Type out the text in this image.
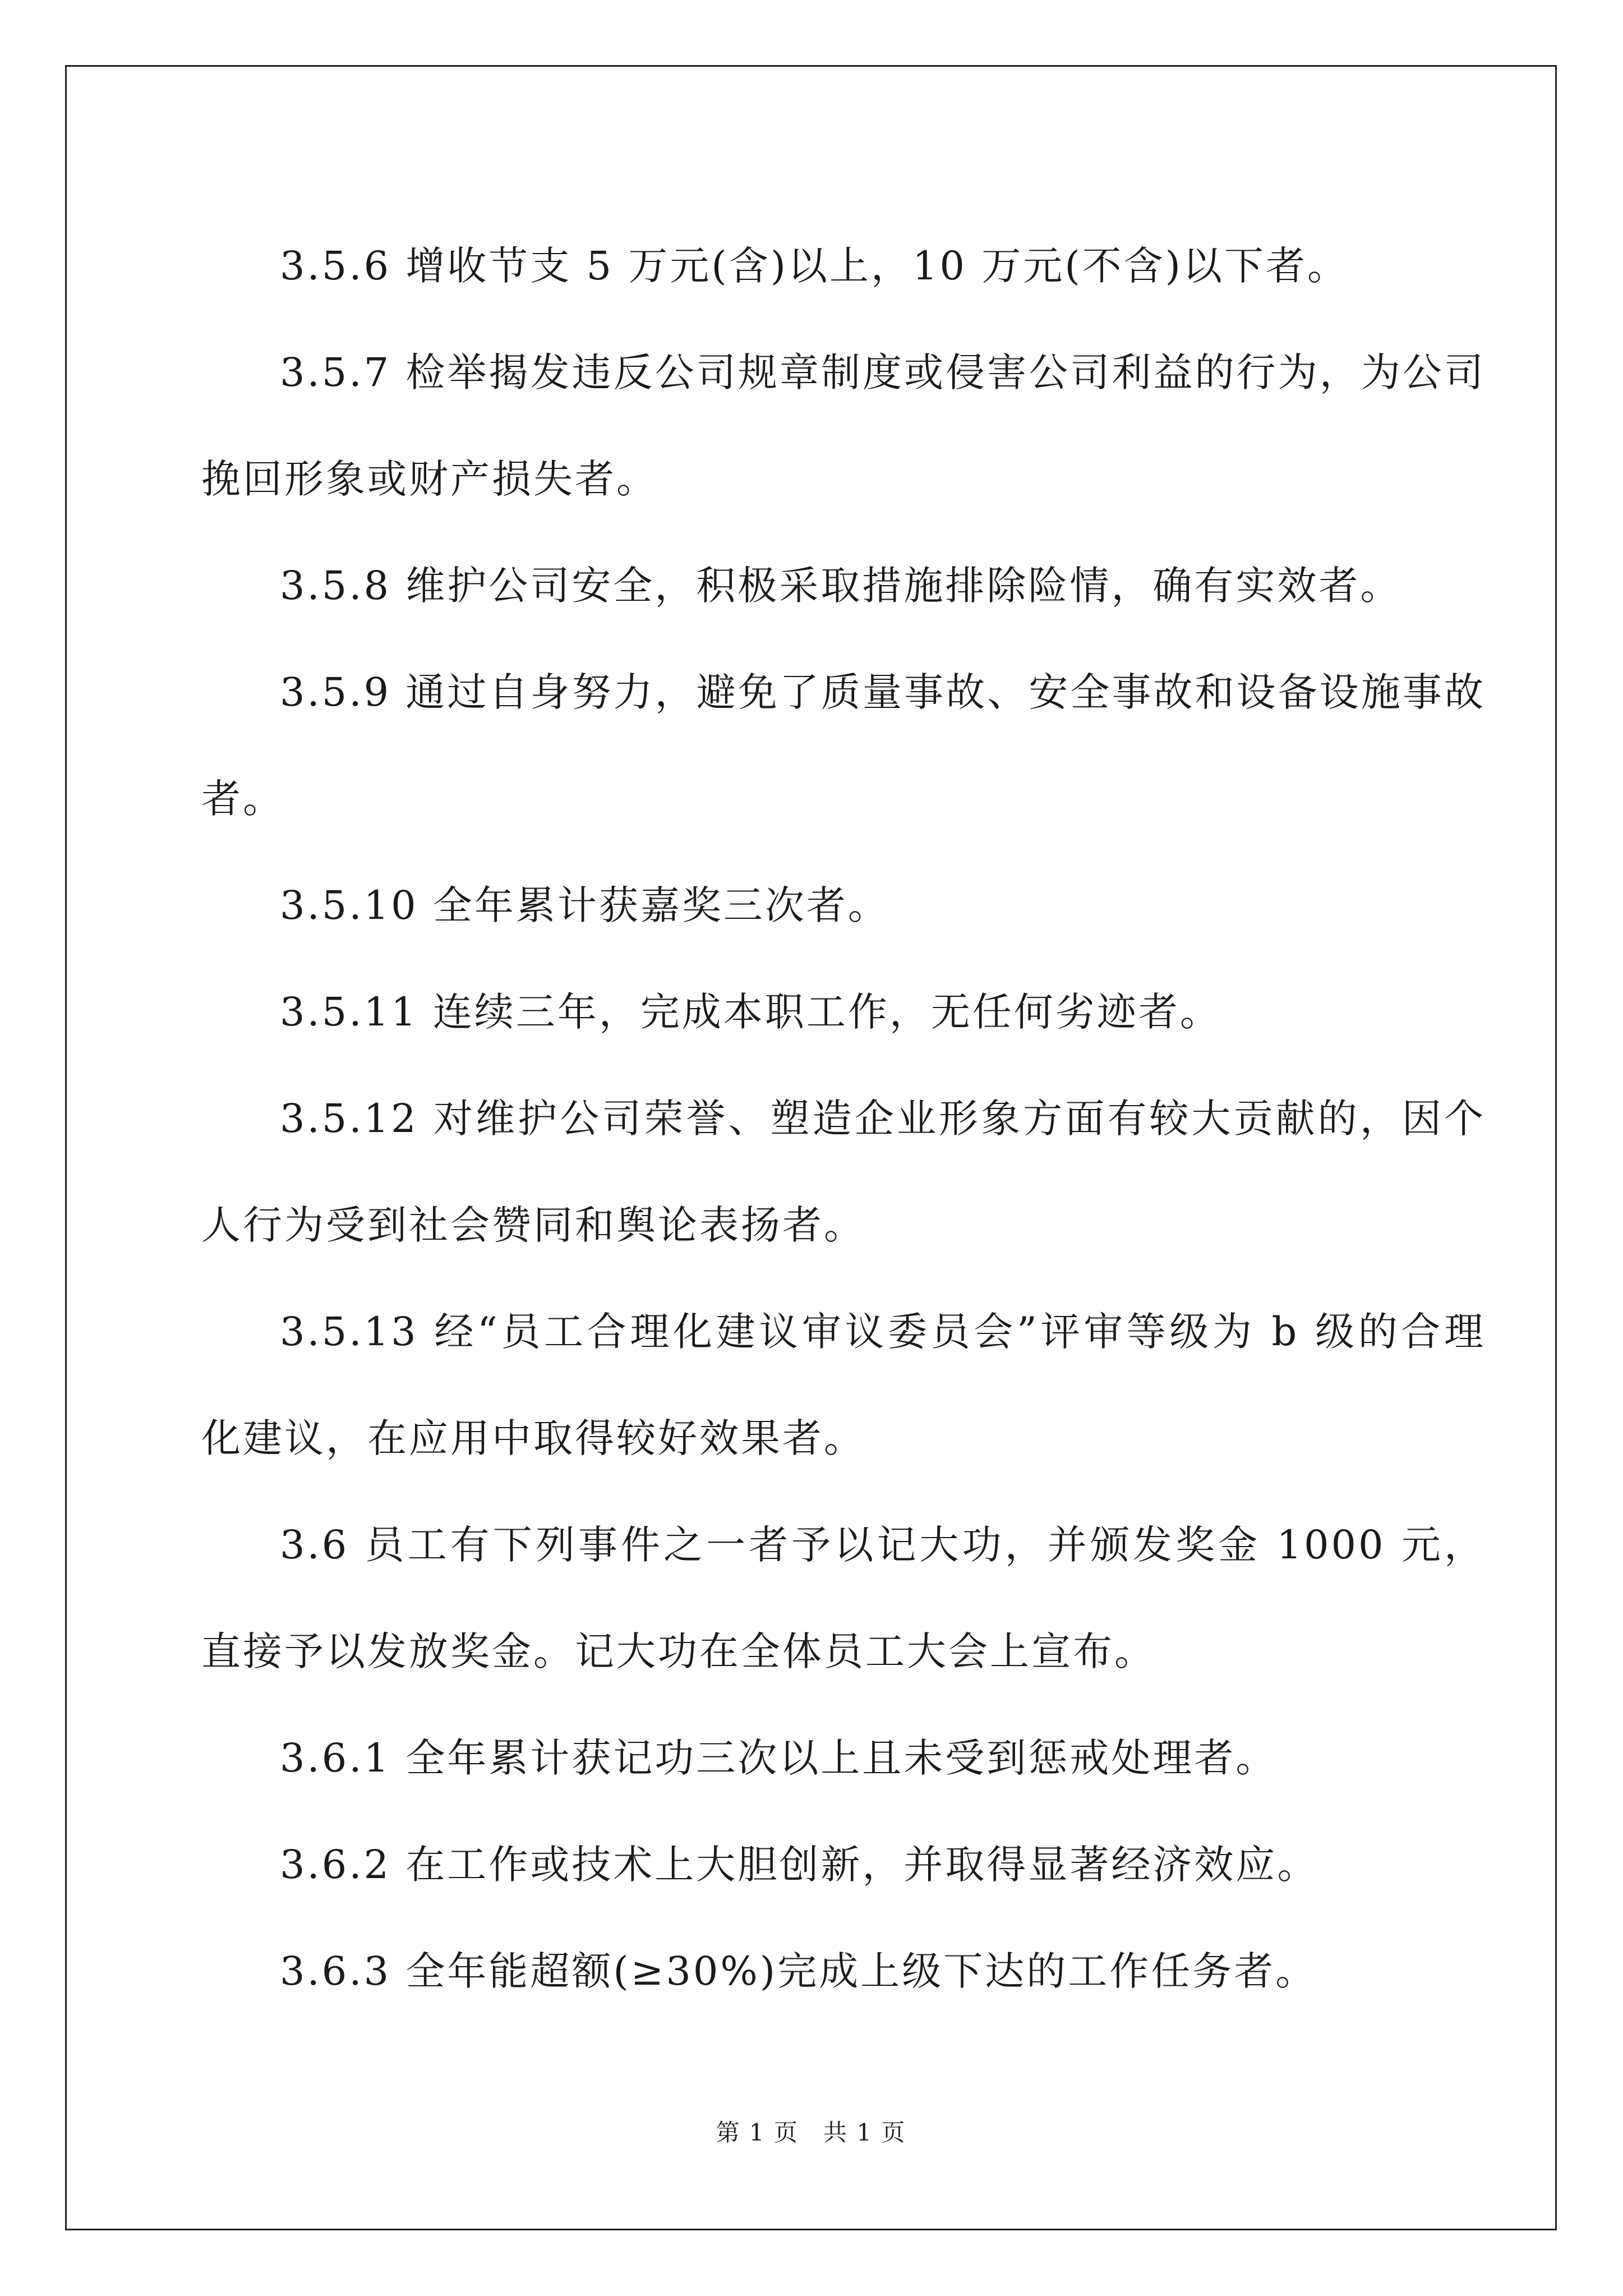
3.5.6 增收节支 5 万元(含)以上，10 万元(不含)以下者。

3.5.7 检举揭发违反公司规章制度或侵害公司利益的行为，为公司挽回形象或财产损失者。

3.5.8 维护公司安全，积极采取措施排除险情，确有实效者。

3.5.9 通过自身努力，避免了质量事故、安全事故和设备设施事故者。

3.5.10 全年累计获嘉奖三次者。

3.5.11 连续三年，完成本职工作，无任何劣迹者。

3.5.12 对维护公司荣誉、塑造企业形象方面有较大贡献的，因个人行为受到社会赞同和舆论表扬者。

3.5.13 经“员工合理化建议审议委员会”评审等级为 b 级的合理化建议，在应用中取得较好效果者。

3.6 员工有下列事件之一者予以记大功，并颁发奖金 1000 元，直接予以发放奖金。记大功在全体员工大会上宣布。

3.6.1 全年累计获记功三次以上且未受到惩戒处理者。

3.6.2 在工作或技术上大胆创新，并取得显著经济效应。

3.6.3 全年能超额(≥30%)完成上级下达的工作任务者。

第 1 页　共 1 页
